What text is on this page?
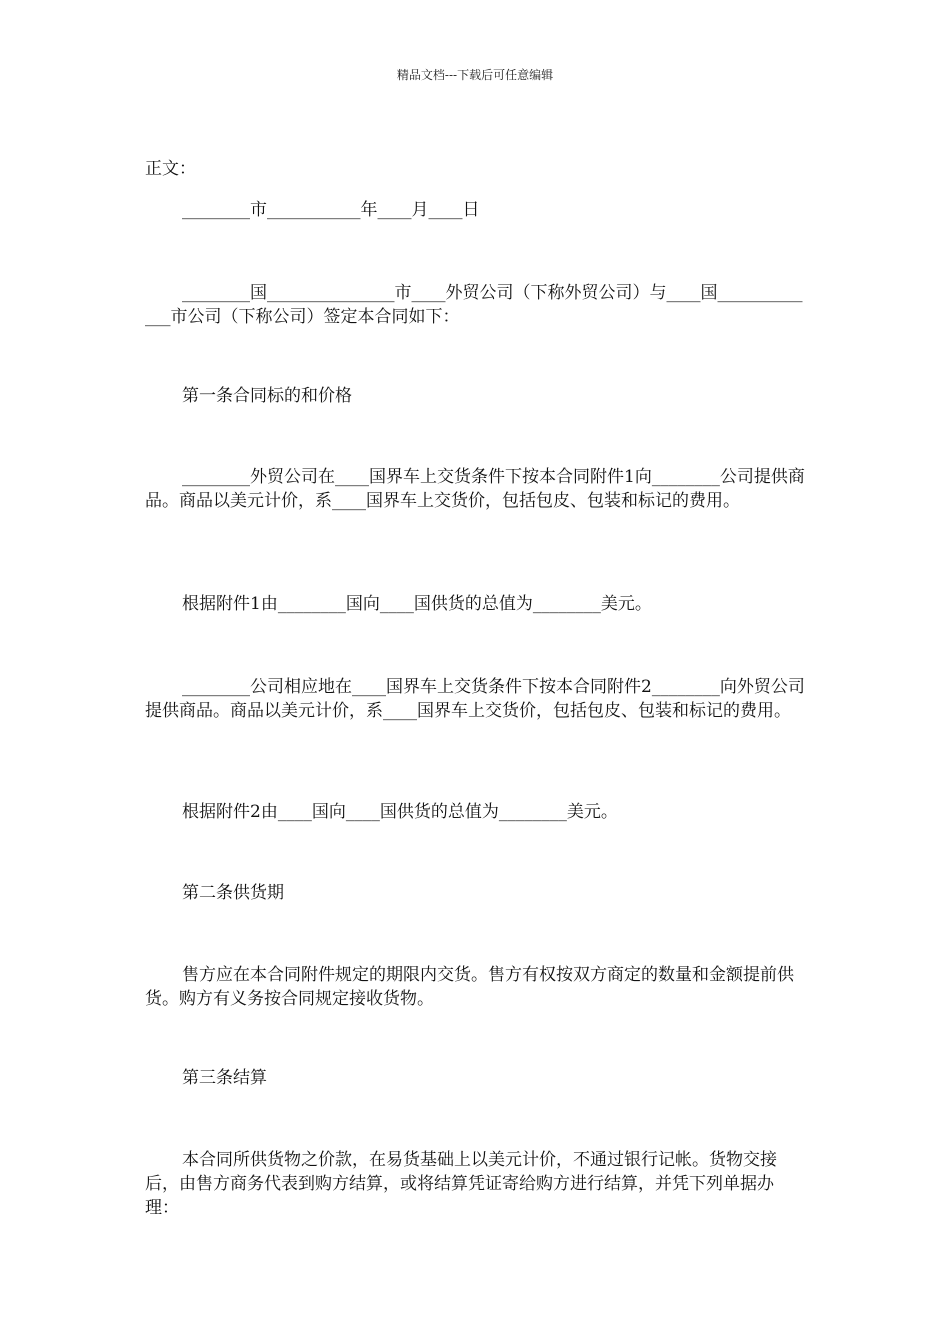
精品文档---下载后可任意编辑
正文：
________市___________年____月____日
________国_______________市____外贸公司（下称外贸公司）与____国_____________市公司（下称公司）签定本合同如下：
第一条合同标的和价格
________外贸公司在____国界车上交货条件下按本合同附件1向________公司提供商品。商品以美元计价，系____国界车上交货价，包括包皮、包装和标记的费用。
根据附件1由________国向____国供货的总值为________美元。
________公司相应地在____国界车上交货条件下按本合同附件2________向外贸公司提供商品。商品以美元计价，系____国界车上交货价，包括包皮、包装和标记的费用。
根据附件2由____国向____国供货的总值为________美元。
第二条供货期
售方应在本合同附件规定的期限内交货。售方有权按双方商定的数量和金额提前供货。购方有义务按合同规定接收货物。
第三条结算
本合同所供货物之价款，在易货基础上以美元计价，不通过银行记帐。货物交接后，由售方商务代表到购方结算，或将结算凭证寄给购方进行结算，并凭下列单据办理：
